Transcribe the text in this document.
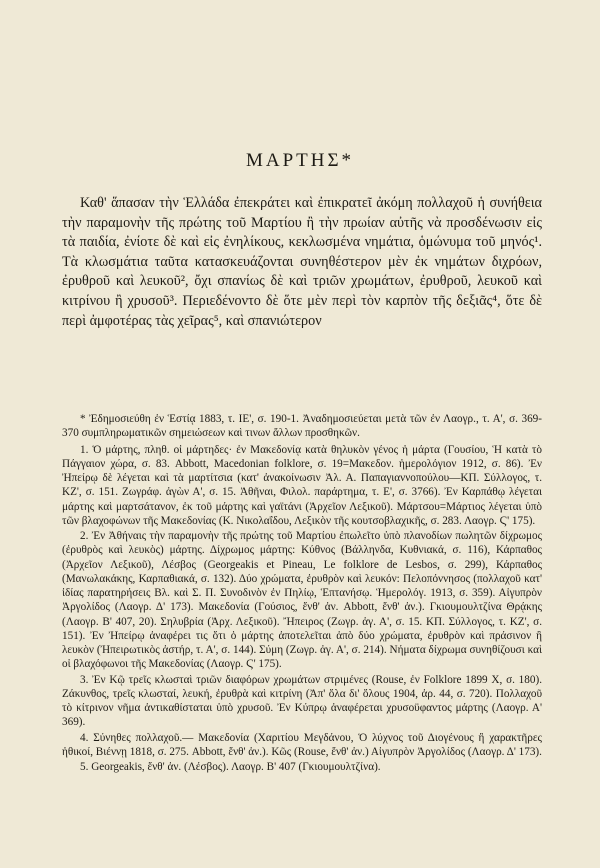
ΜΑΡΤΗΣ*

Καθ' ἅπασαν τὴν Ἑλλάδα ἐπεκράτει καὶ ἐπικρατεῖ ἀκόμη πολλαχοῦ ἡ συνήθεια τὴν παραμονὴν τῆς πρώτης τοῦ Μαρτίου ἢ τὴν πρωίαν αὐτῆς νὰ προσδένωσιν εἰς τὰ παιδία, ἐνίοτε δὲ καὶ εἰς ἐνηλίκους, κεκλωσμένα νημάτια, ὁμώνυμα τοῦ μηνός¹. Τὰ κλωσμάτια ταῦτα κατασκευάζονται συνηθέστερον μὲν ἐκ νημάτων διχρόων, ἐρυθροῦ καὶ λευκοῦ², ὄχι σπανίως δὲ καὶ τριῶν χρωμάτων, ἐρυθροῦ, λευκοῦ καὶ κιτρίνου ἢ χρυσοῦ³. Περιεδένοντο δὲ ὅτε μὲν περὶ τὸν καρπὸν τῆς δεξιᾶς⁴, ὅτε δὲ περὶ ἀμφοτέρας τὰς χεῖρας⁵, καὶ σπανιώτερον

* Ἐδημοσιεύθη ἐν Ἑστίᾳ 1883, τ. ΙΕ', σ. 190-1. Ἀναδημοσιεύεται μετὰ τῶν ἐν Λαογρ., τ. Α', σ. 369-370 συμπληρωματικῶν σημειώσεων καὶ τινων ἄλλων προσθηκῶν.

1. Ὁ μάρτης, πληθ. οἱ μάρτηδες· ἐν Μακεδονίᾳ κατὰ θηλυκὸν γένος ἡ μάρτα (Γουσίου, Ἡ κατὰ τὸ Πάγγαιον χώρα, σ. 83. Abbott, Macedonian folklore, σ. 19=Μακεδον. ἡμερολόγιον 1912, σ. 86). Ἐν Ἠπείρῳ δὲ λέγεται καὶ τὰ μαρτίτσια (κατ' ἀνακοίνωσιν Ἀλ. Α. Παπαγιαννοπούλου—ΚΠ. Σύλλογος, τ. ΚΖ', σ. 151. Ζωγράφ. ἀγὼν Α', σ. 15. Ἀθῆναι, Φιλολ. παράρτημα, τ. Ε', σ. 3766). Ἐν Καρπάθῳ λέγεται μάρτης καὶ μαρτσάτανον, ἐκ τοῦ μάρτης καὶ γαϊτάνι (Ἀρχεῖον Λεξικοῦ). Μάρτσου=Μάρτιος λέγεται ὑπὸ τῶν βλαχοφώνων τῆς Μακεδονίας (Κ. Νικολαΐδου, Λεξικὸν τῆς κουτσοβλαχικῆς, σ. 283. Λαογρ. Ϛ' 175).

2. Ἐν Ἀθήναις τὴν παραμονὴν τῆς πρώτης τοῦ Μαρτίου ἐπωλεῖτο ὑπὸ πλανοδίων πωλητῶν δίχρωμος (ἐρυθρὸς καὶ λευκὸς) μάρτης. Δίχρωμος μάρτης: Κύθνος (Βάλληνδα, Κυθνιακά, σ. 116), Κάρπαθος (Ἀρχεῖον Λεξικοῦ), Λέσβος (Georgeakis et Pineau, Le folklore de Lesbos, σ. 299), Κάρπαθος (Μανωλακάκης, Καρπαθιακά, σ. 132). Δύο χρώματα, ἐρυθρὸν καὶ λευκόν: Πελοπόννησος (πολλαχοῦ κατ' ἰδίας παρατηρήσεις Βλ. καὶ Σ. Π. Συνοδινὸν ἐν Πηλίῳ, Ἑπτανήσῳ. Ἡμερολόγ. 1913, σ. 359). Αἰγυπρὸν Ἀργολίδος (Λαογρ. Δ' 173). Μακεδονία (Γούσιος, ἔνθ' ἀν. Abbott, ἔνθ' ἀν.). Γκιουμουλτζίνα Θρᾴκης (Λαογρ. Β' 407, 20). Σηλυβρία (Ἀρχ. Λεξικοῦ). Ἤπειρος (Ζωγρ. ἀγ. Α', σ. 15. ΚΠ. Σύλλογος, τ. ΚΖ', σ. 151). Ἐν Ἠπείρῳ ἀναφέρει τις ὅτι ὁ μάρτης ἀποτελεῖται ἀπὸ δύο χρώματα, ἐρυθρὸν καὶ πράσινον ἢ λευκὸν (Ἠπειρωτικὸς ἀστήρ, τ. Α', σ. 144). Σύμη (Ζωγρ. ἀγ. Α', σ. 214). Νήματα δίχρωμα συνηθίζουσι καὶ οἱ βλαχόφωνοι τῆς Μακεδονίας (Λαογρ. Ϛ' 175).

3. Ἐν Κῷ τρεῖς κλωσταὶ τριῶν διαφόρων χρωμάτων στριμένες (Rouse, ἐν Folklore 1899 Χ, σ. 180). Ζάκυνθος, τρεῖς κλωσταί, λευκή, ἐρυθρὰ καὶ κιτρίνη (Ἀπ' ὅλα δι' ὅλους 1904, ἀρ. 44, σ. 720). Πολλαχοῦ τὸ κίτρινον νῆμα ἀντικαθίσταται ὑπὸ χρυσοῦ. Ἐν Κύπρῳ ἀναφέρεται χρυσοϋφαντος μάρτης (Λαογρ. Α' 369).

4. Σύνηθες πολλαχοῦ.— Μακεδονία (Χαριτίου Μεγδάνου, Ὁ λύχνος τοῦ Διογένους ἢ χαρακτῆρες ἠθικοί, Βιέννῃ 1818, σ. 275. Abbott, ἔνθ' ἀν.). Κῶς (Rouse, ἔνθ' ἀν.) Αἰγυπρὸν Ἀργολίδος (Λαογρ. Δ' 173).

5. Georgeakis, ἔνθ' ἀν. (Λέσβος). Λαογρ. Β' 407 (Γκιουμουλτζίνα).
